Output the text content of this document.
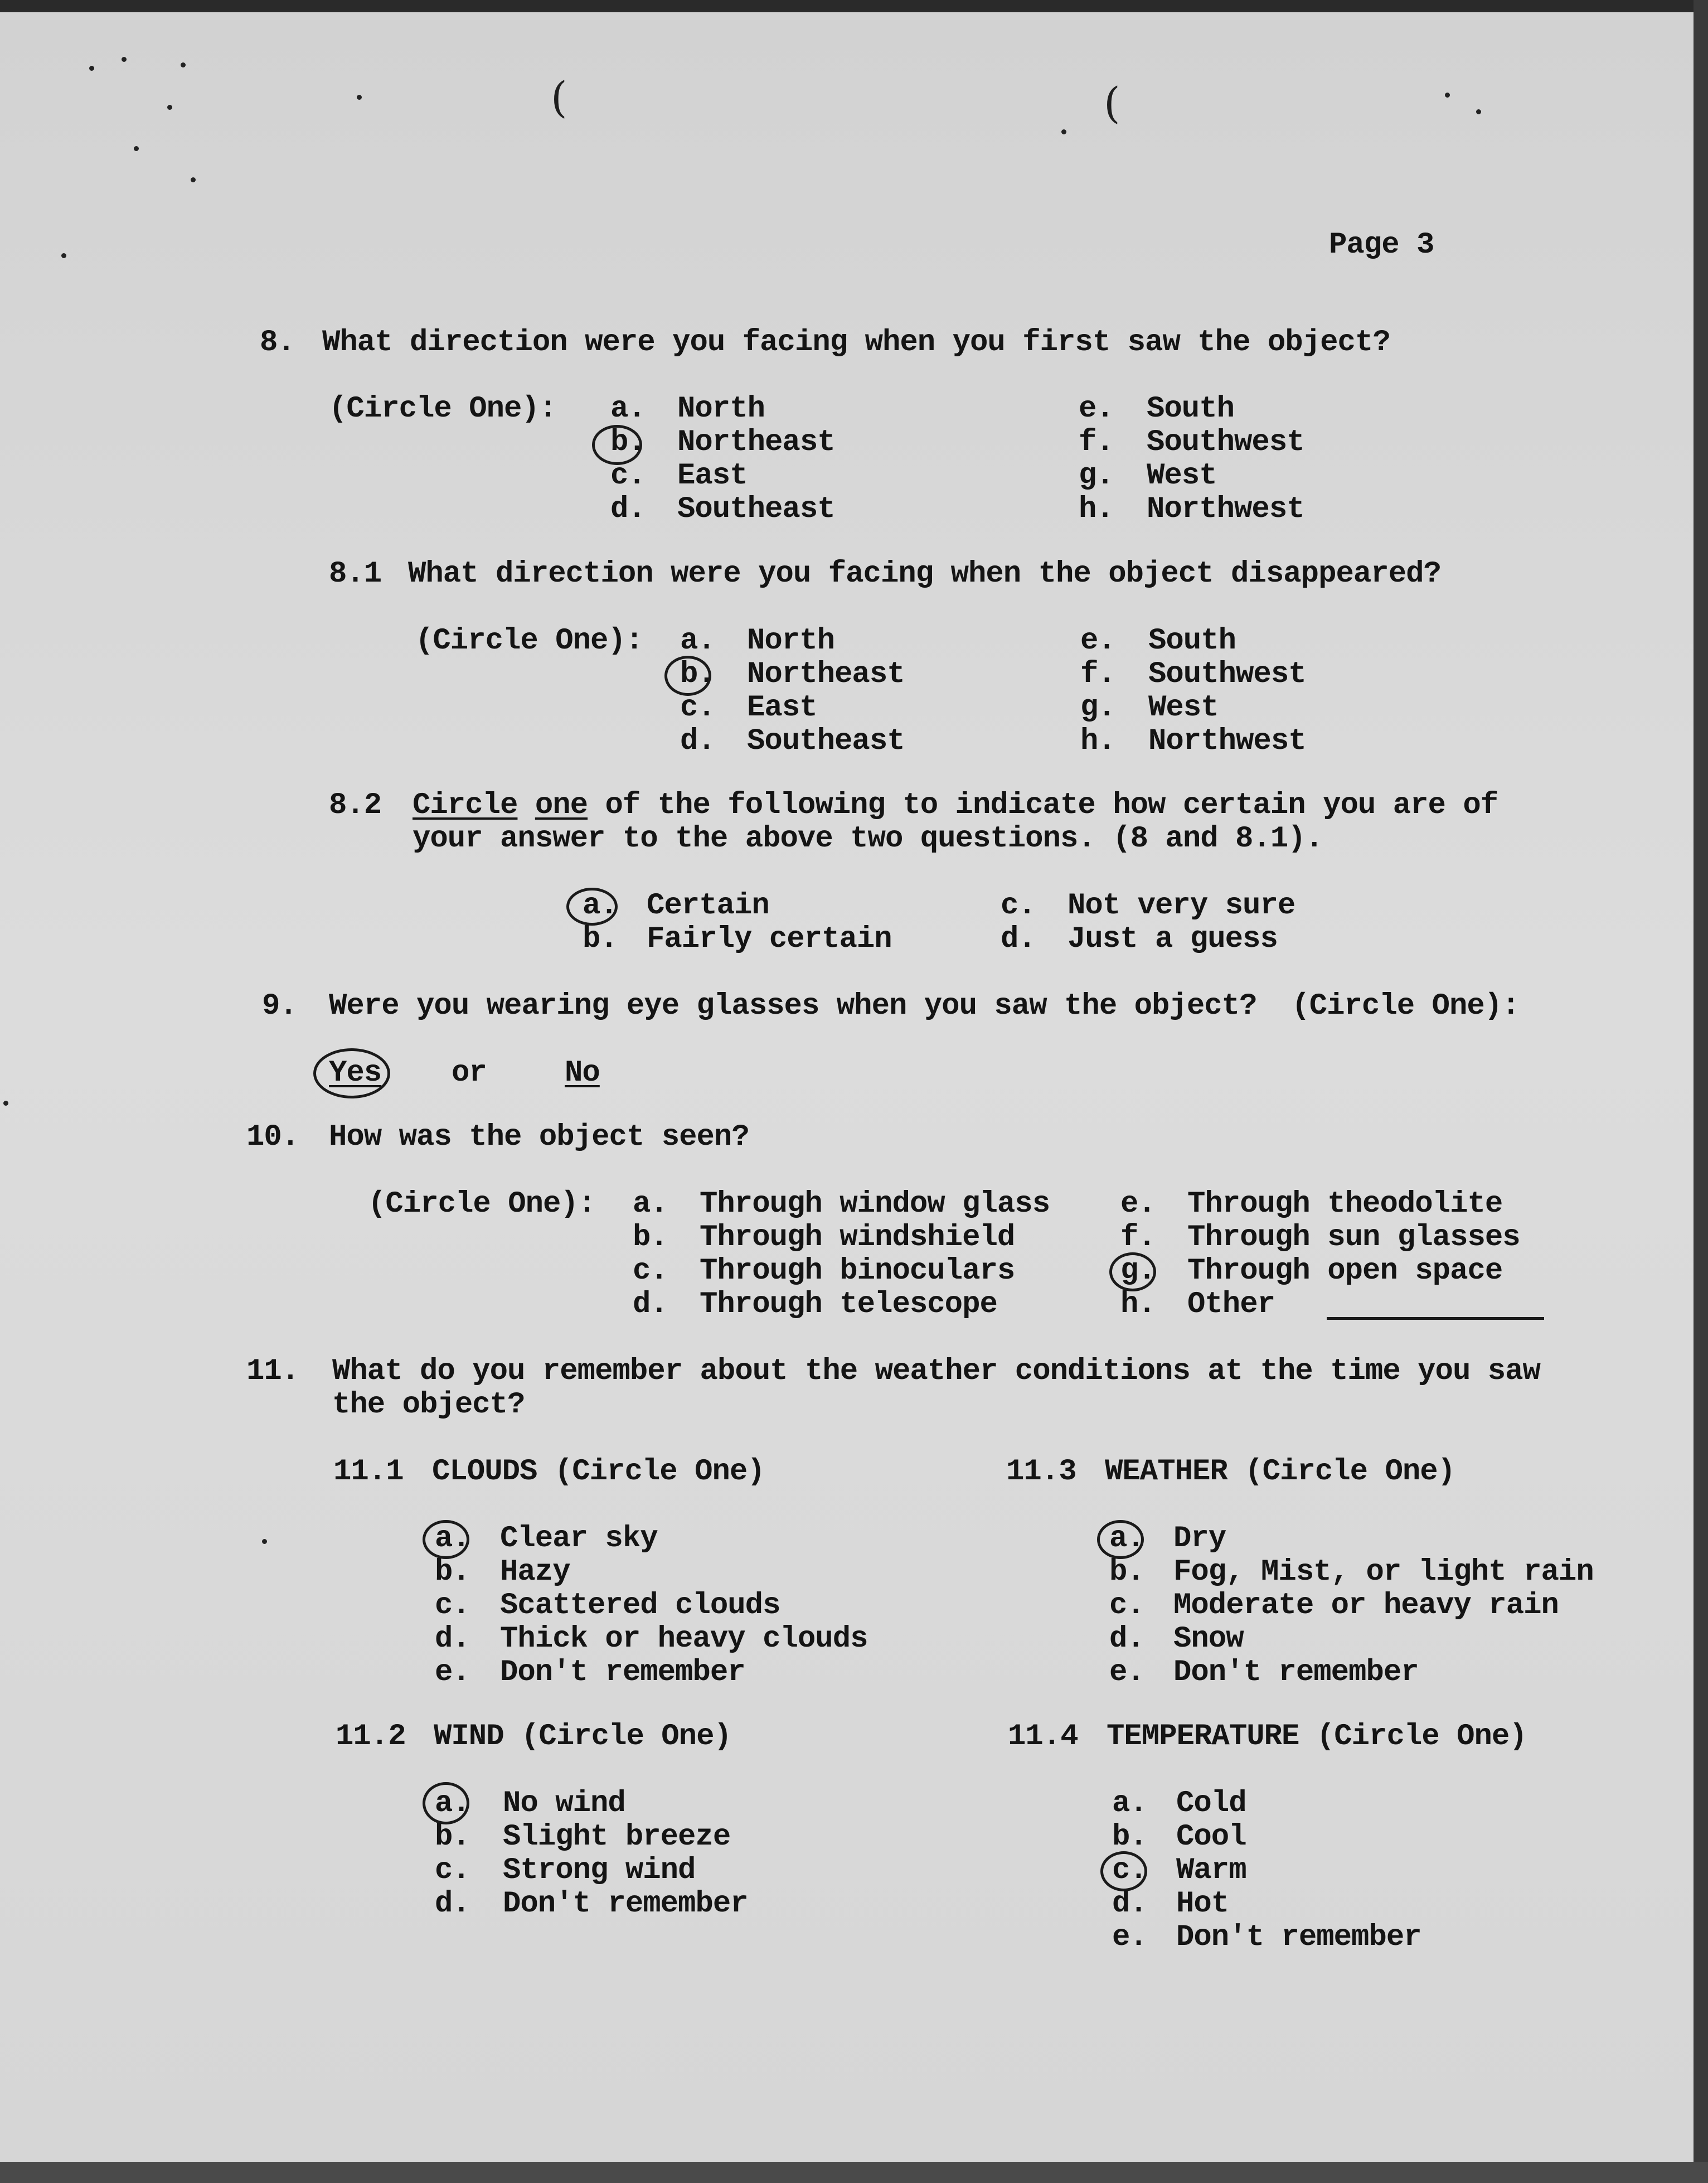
(	(
Page 3
8. What direction were you facing when you first saw the object?
(Circle One): a. North
b. Northeast
c. East
d. Southeast
e. South
f. Southwest
g. West
h. Northwest
8.1 What direction were you facing when the object disappeared?
(Circle One): a. North
b. Northeast
c. East
d. Southeast
e. South
f. Southwest
g. West
h. Northwest
8.2 Circle one of the following to indicate how certain you are of
your answer to the above two questions. (8 and 8.1).
a. Certain
b. Fairly certain
c. Not very sure
d. Just a guess
9. Were you wearing eye glasses when you saw the object?  (Circle One):
Yes or	No
10. How was the object seen?
(Circle One): a. Through window glass
b. Through windshield
c. Through binoculars
d. Through telescope
e. Through theodolite
f. Through sun glasses
g. Through open space
h. Other
11. What do you remember about the weather conditions at the time you saw
the object?
11.1 CLOUDS (Circle One)
a. Clear sky
b. Hazy
c. Scattered clouds
d. Thick or heavy clouds
e. Don't remember
11.2 WIND (Circle One)
a. No wind
b. Slight breeze
c. Strong wind
d. Don't remember
11.3 WEATHER (Circle One)
a. Dry
b. Fog, Mist, or light rain
c. Moderate or heavy rain
d. Snow
e. Don't remember
11.4 TEMPERATURE (Circle One)
a. Cold
b. Cool
c. Warm
d. Hot
e. Don't remember
